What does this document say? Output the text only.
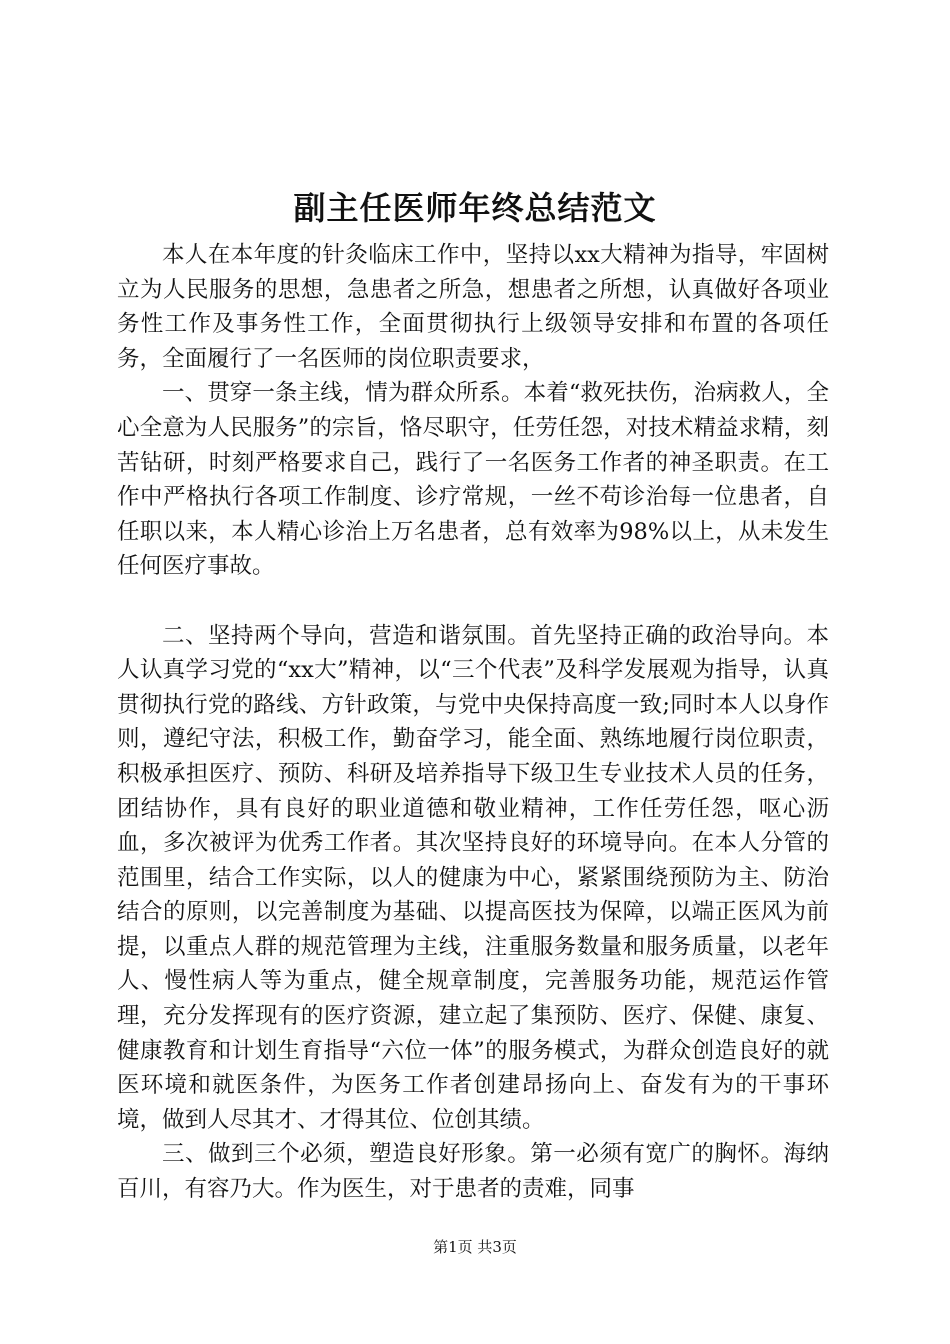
副主任医师年终总结范文

本人在本年度的针灸临床工作中，坚持以xx大精神为指导，牢固树立为人民服务的思想，急患者之所急，想患者之所想，认真做好各项业务性工作及事务性工作，全面贯彻执行上级领导安排和布置的各项任务，全面履行了一名医师的岗位职责要求，

一、贯穿一条主线，情为群众所系。本着“救死扶伤，治病救人，全心全意为人民服务”的宗旨，恪尽职守，任劳任怨，对技术精益求精，刻苦钻研，时刻严格要求自己，践行了一名医务工作者的神圣职责。在工作中严格执行各项工作制度、诊疗常规，一丝不苟诊治每一位患者，自任职以来，本人精心诊治上万名患者，总有效率为98%以上，从未发生任何医疗事故。

二、坚持两个导向，营造和谐氛围。首先坚持正确的政治导向。本人认真学习党的“xx大”精神，以“三个代表”及科学发展观为指导，认真贯彻执行党的路线、方针政策，与党中央保持高度一致;同时本人以身作则，遵纪守法，积极工作，勤奋学习，能全面、熟练地履行岗位职责，积极承担医疗、预防、科研及培养指导下级卫生专业技术人员的任务，团结协作，具有良好的职业道德和敬业精神，工作任劳任怨，呕心沥血，多次被评为优秀工作者。其次坚持良好的环境导向。在本人分管的范围里，结合工作实际，以人的健康为中心，紧紧围绕预防为主、防治结合的原则，以完善制度为基础、以提高医技为保障，以端正医风为前提，以重点人群的规范管理为主线，注重服务数量和服务质量，以老年人、慢性病人等为重点，健全规章制度，完善服务功能，规范运作管理，充分发挥现有的医疗资源，建立起了集预防、医疗、保健、康复、健康教育和计划生育指导“六位一体”的服务模式，为群众创造良好的就医环境和就医条件，为医务工作者创建昂扬向上、奋发有为的干事环境，做到人尽其才、才得其位、位创其绩。

三、做到三个必须，塑造良好形象。第一必须有宽广的胸怀。海纳百川，有容乃大。作为医生，对于患者的责难，同事

第1页 共3页
